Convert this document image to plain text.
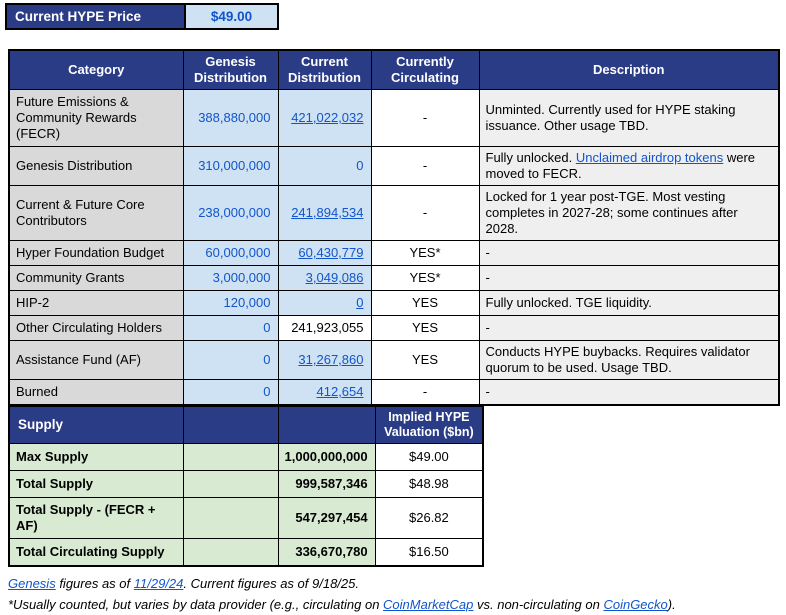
Current HYPE Price	$49.00
Category	Genesis Distribution	Current Distribution	Currently Circulating	Description
Future Emissions & Community Rewards (FECR)	388,880,000	421,022,032	-	Unminted. Currently used for HYPE staking issuance. Other usage TBD.
Genesis Distribution	310,000,000	0	-	Fully unlocked. Unclaimed airdrop tokens were moved to FECR.
Current & Future Core Contributors	238,000,000	241,894,534	-	Locked for 1 year post-TGE. Most vesting completes in 2027-28; some continues after 2028.
Hyper Foundation Budget	60,000,000	60,430,779	YES*	-
Community Grants	3,000,000	3,049,086	YES*	-
HIP-2	120,000	0	YES	Fully unlocked. TGE liquidity.
Other Circulating Holders	0	241,923,055	YES	-
Assistance Fund (AF)	0	31,267,860	YES	Conducts HYPE buybacks. Requires validator quorum to be used. Usage TBD.
Burned	0	412,654	-	-
Supply			Implied HYPE Valuation ($bn)
Max Supply		1,000,000,000	$49.00
Total Supply		999,587,346	$48.98
Total Supply - (FECR + AF)		547,297,454	$26.82
Total Circulating Supply		336,670,780	$16.50
Genesis figures as of 11/29/24. Current figures as of 9/18/25.
*Usually counted, but varies by data provider (e.g., circulating on CoinMarketCap vs. non-circulating on CoinGecko).
